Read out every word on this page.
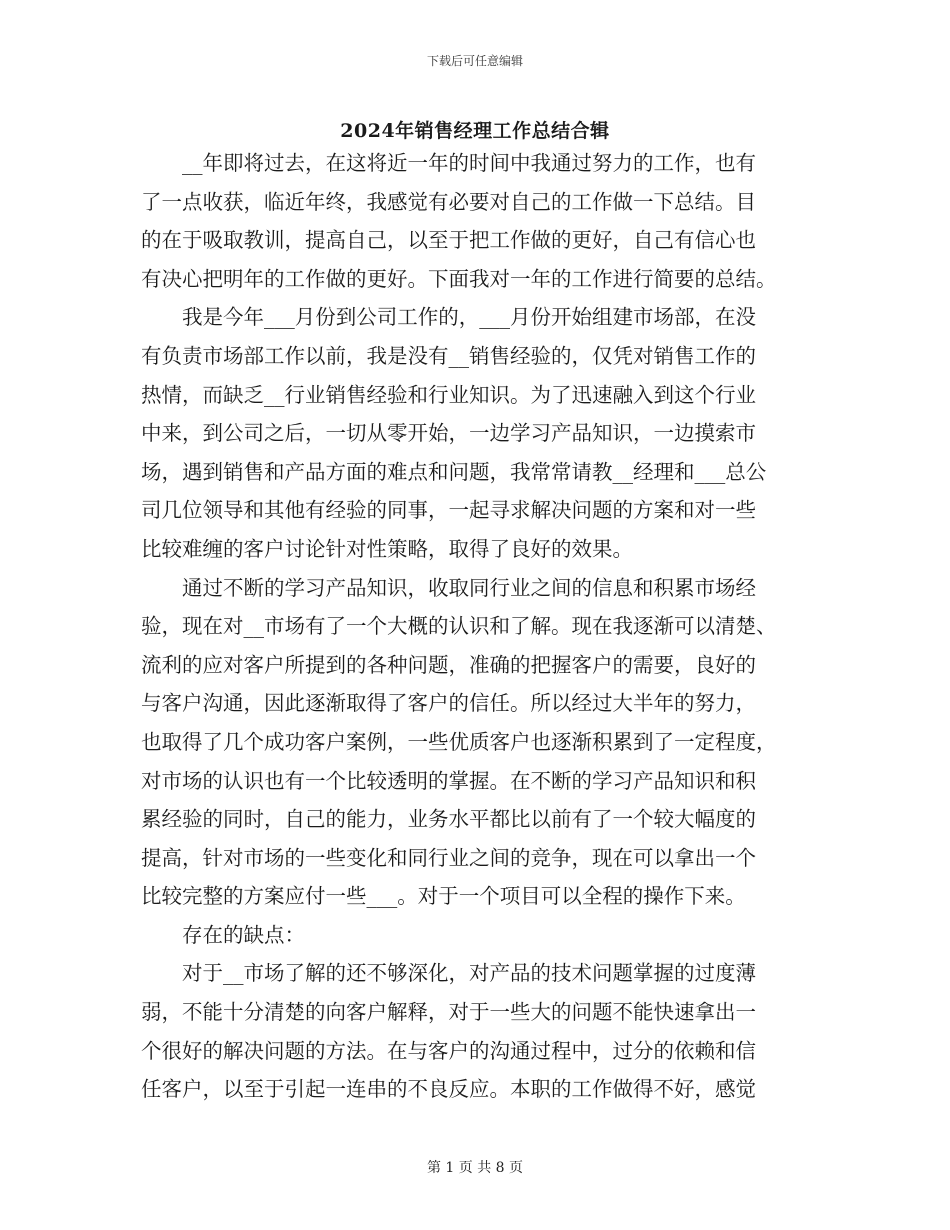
下载后可任意编辑
2024年销售经理工作总结合辑
　　__年即将过去，在这将近一年的时间中我通过努力的工作，也有
了一点收获，临近年终，我感觉有必要对自己的工作做一下总结。目
的在于吸取教训，提高自己，以至于把工作做的更好，自己有信心也
有决心把明年的工作做的更好。下面我对一年的工作进行简要的总结。
　　我是今年___月份到公司工作的，___月份开始组建市场部，在没
有负责市场部工作以前，我是没有__销售经验的，仅凭对销售工作的
热情，而缺乏__行业销售经验和行业知识。为了迅速融入到这个行业
中来，到公司之后，一切从零开始，一边学习产品知识，一边摸索市
场，遇到销售和产品方面的难点和问题，我常常请教__经理和___总公
司几位领导和其他有经验的同事，一起寻求解决问题的方案和对一些
比较难缠的客户讨论针对性策略，取得了良好的效果。
　　通过不断的学习产品知识，收取同行业之间的信息和积累市场经
验，现在对__市场有了一个大概的认识和了解。现在我逐渐可以清楚、
流利的应对客户所提到的各种问题，准确的把握客户的需要，良好的
与客户沟通，因此逐渐取得了客户的信任。所以经过大半年的努力，
也取得了几个成功客户案例，一些优质客户也逐渐积累到了一定程度，
对市场的认识也有一个比较透明的掌握。在不断的学习产品知识和积
累经验的同时，自己的能力，业务水平都比以前有了一个较大幅度的
提高，针对市场的一些变化和同行业之间的竞争，现在可以拿出一个
比较完整的方案应付一些___。对于一个项目可以全程的操作下来。
　　存在的缺点：
　　对于__市场了解的还不够深化，对产品的技术问题掌握的过度薄
弱，不能十分清楚的向客户解释，对于一些大的问题不能快速拿出一
个很好的解决问题的方法。在与客户的沟通过程中，过分的依赖和信
任客户，以至于引起一连串的不良反应。本职的工作做得不好，感觉
第 1 页 共 8 页
